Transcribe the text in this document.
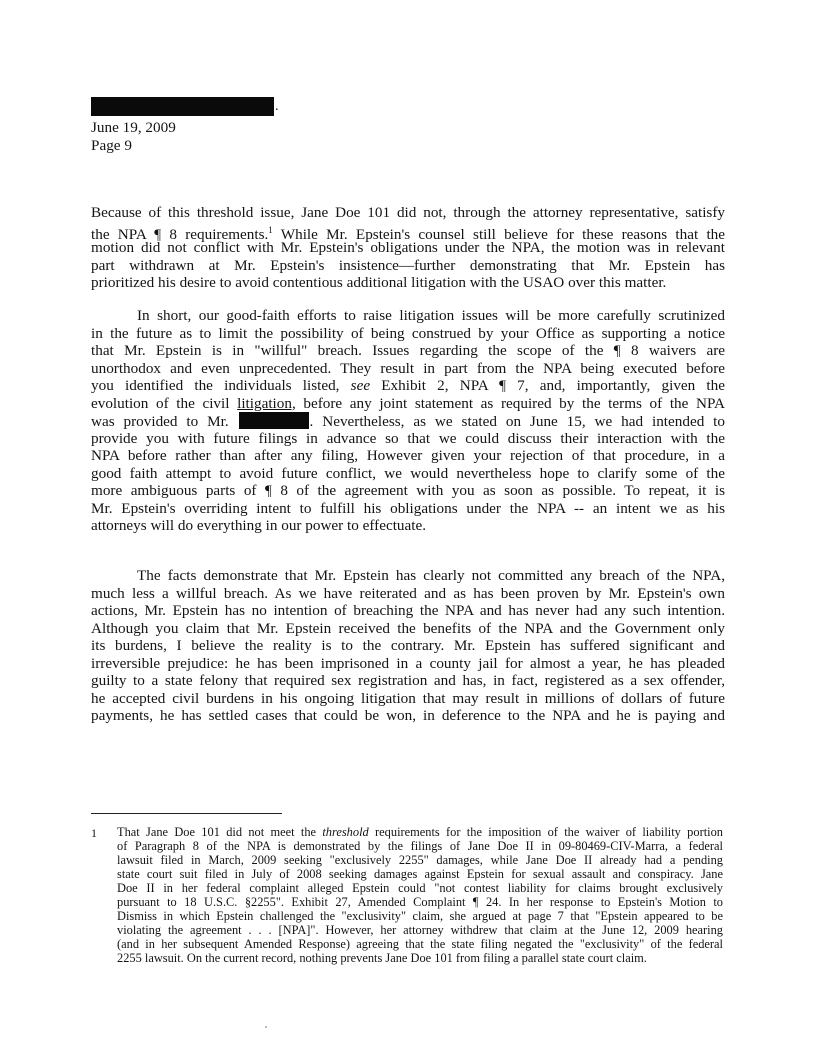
.
June 19, 2009
Page 9
Because of this threshold issue, Jane Doe 101 did not, through the attorney representative, satisfy
the NPA ¶ 8 requirements.$^1$ While Mr. Epstein's counsel still believe for these reasons that the
motion did not conflict with Mr. Epstein's obligations under the NPA, the motion was in relevant
part withdrawn at Mr. Epstein's insistence—further demonstrating that Mr. Epstein has
prioritized his desire to avoid contentious additional litigation with the USAO over this matter.
In short, our good-faith efforts to raise litigation issues will be more carefully scrutinized
in the future as to limit the possibility of being construed by your Office as supporting a notice
that Mr. Epstein is in "willful" breach. Issues regarding the scope of the ¶ 8 waivers are
unorthodox and even unprecedented. They result in part from the NPA being executed before
you identified the individuals listed, see Exhibit 2, NPA ¶ 7, and, importantly, given the
evolution of the civil litigation, before any joint statement as required by the terms of the NPA
was provided to Mr.	. Nevertheless, as we stated on June 15, we had intended to
provide you with future filings in advance so that we could discuss their interaction with the
NPA before rather than after any filing, However given your rejection of that procedure, in a
good faith attempt to avoid future conflict, we would nevertheless hope to clarify some of the
more ambiguous parts of ¶ 8 of the agreement with you as soon as possible. To repeat, it is
Mr. Epstein's overriding intent to fulfill his obligations under the NPA -- an intent we as his
attorneys will do everything in our power to effectuate.
The facts demonstrate that Mr. Epstein has clearly not committed any breach of the NPA,
much less a willful breach. As we have reiterated and as has been proven by Mr. Epstein's own
actions, Mr. Epstein has no intention of breaching the NPA and has never had any such intention.
Although you claim that Mr. Epstein received the benefits of the NPA and the Government only
its burdens, I believe the reality is to the contrary. Mr. Epstein has suffered significant and
irreversible prejudice: he has been imprisoned in a county jail for almost a year, he has pleaded
guilty to a state felony that required sex registration and has, in fact, registered as a sex offender,
he accepted civil burdens in his ongoing litigation that may result in millions of dollars of future
payments, he has settled cases that could be won, in deference to the NPA and he is paying and
1 That Jane Doe 101 did not meet the threshold requirements for the imposition of the waiver of liability portion
of Paragraph 8 of the NPA is demonstrated by the filings of Jane Doe II in 09-80469-CIV-Marra, a federal
lawsuit filed in March, 2009 seeking "exclusively 2255" damages, while Jane Doe II already had a pending
state court suit filed in July of 2008 seeking damages against Epstein for sexual assault and conspiracy. Jane
Doe II in her federal complaint alleged Epstein could "not contest liability for claims brought exclusively
pursuant to 18 U.S.C. §2255". Exhibit 27, Amended Complaint ¶ 24. In her response to Epstein's Motion to
Dismiss in which Epstein challenged the "exclusivity" claim, she argued at page 7 that "Epstein appeared to be
violating the agreement . . . [NPA]". However, her attorney withdrew that claim at the June 12, 2009 hearing
(and in her subsequent Amended Response) agreeing that the state filing negated the "exclusivity" of the federal
2255 lawsuit. On the current record, nothing prevents Jane Doe 101 from filing a parallel state court claim.
